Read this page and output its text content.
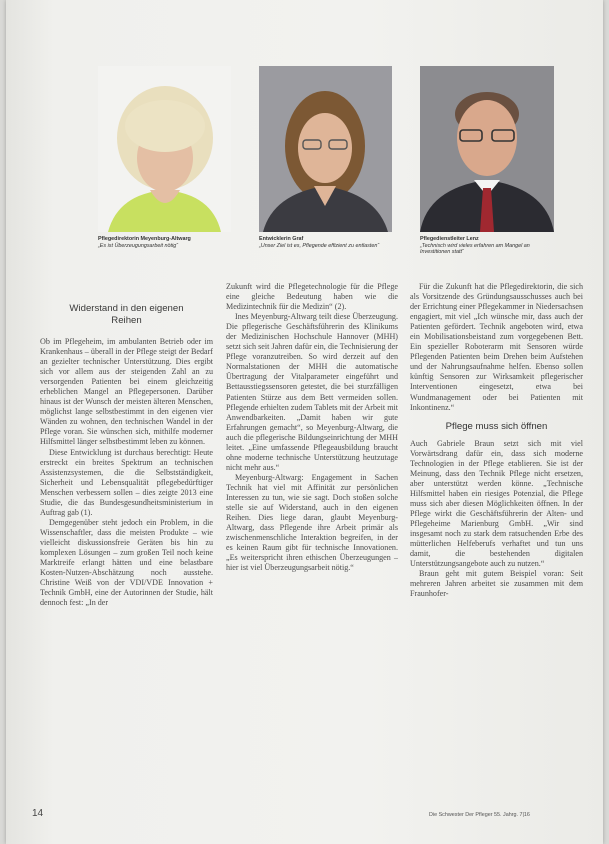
Pflegedirektorin Meyenburg-Altwarg
„Es ist Überzeugungsarbeit nötig“
Entwicklerin Graf
„Unser Ziel ist es, Pflegende effizient zu entlasten“
Pflegedienstleiter Lenz
„Technisch wird vieles erfahren am Mangel an Investitionen statt“
Widerstand in den eigenen Reihen

Ob im Pflegeheim, im ambulanten Betrieb oder im Krankenhaus – überall in der Pflege steigt der Bedarf an gezielter technischer Unterstützung. Dies ergibt sich vor allem aus der steigenden Zahl an zu versorgenden Patienten bei einem gleichzeitig erheblichen Mangel an Pflegepersonen. Darüber hinaus ist der Wunsch der meisten älteren Menschen, möglichst lange selbstbestimmt in den eigenen vier Wänden zu wohnen, den technischen Wandel in der Pflege voran. Sie wünschen sich, mithilfe moderner Hilfsmittel länger selbstbestimmt leben zu können.

Diese Entwicklung ist durchaus berechtigt: Heute erstreckt ein breites Spektrum an technischen Assistenzsystemen, die die Selbstständigkeit, Sicherheit und Lebensqualität pflegebedürftiger Menschen verbessern sollen – dies zeigte 2013 eine Studie, die das Bundesgesundheitsministerium in Auftrag gab (1).

Demgegenüber steht jedoch ein Problem, in die Wissenschaftler, dass die meisten Produkte – wie vielleicht diskussionsfreie Geräten bis hin zu komplexen Lösungen – zum großen Teil noch keine Marktreife erlangt hätten und eine belastbare Kosten-Nutzen-Abschätzung noch ausstehe. Christine Weiß von der VDI/VDE Innovation + Technik GmbH, eine der Autorinnen der Studie, hält dennoch fest: „In der

Zukunft wird die Pflegetechnologie für die Pflege eine gleiche Bedeutung haben wie die Medizintechnik für die Medizin“ (2).

Ines Meyenburg-Altwarg teilt diese Überzeugung. Die pflegerische Geschäftsführerin des Klinikums der Medizinischen Hochschule Hannover (MHH) setzt sich seit Jahren dafür ein, die Technisierung der Pflege voranzutreiben. So wird derzeit auf den Normalstationen der MHH die automatische Übertragung der Vitalparameter eingeführt und Bettausstiegssensoren getestet, die bei sturzfälligen Patienten Stürze aus dem Bett vermeiden sollen. Pflegende erhielten zudem Tablets mit der Arbeit mit Anwendbarkeiten. „Damit haben wir gute Erfahrungen gemacht“, so Meyenburg-Altwarg, die auch die pflegerische Bildungseinrichtung der MHH leitet. „Eine umfassende Pflegeausbildung braucht ohne moderne technische Unterstützung heutzutage nicht mehr aus.“

Meyenburg-Altwarg: Engagement in Sachen Technik hat viel mit Affinität zur persönlichen Interessen zu tun, wie sie sagt. Doch stoßen solche stelle sie auf Widerstand, auch in den eigenen Reihen. Dies liege daran, glaubt Meyenburg-Altwarg, dass Pflegende ihre Arbeit primär als zwischenmenschliche Interaktion begreifen, in der es keinen Raum gibt für technische Innovationen. „Es weiterspricht ihren ethischen Überzeugungen – hier ist viel Überzeugungsarbeit nötig.“

Für die Zukunft hat die Pflegedirektorin, die sich als Vorsitzende des Gründungsausschusses auch bei der Errichtung einer Pflegekammer in Niedersachsen engagiert, mit viel „Ich wünsche mir, dass auch der Patienten gefördert. Technik angeboten wird, etwa ein Mobilisationsbeistand zum vorgegebenen Bett. Ein spezieller Roboterarm mit Sensoren würde Pflegenden Patienten beim Drehen beim Aufstehen und der Nahrungsaufnahme helfen. Ebenso sollen künftig Sensoren zur Wirksamkeit pflegerischer Interventionen eingesetzt, etwa bei Wundmanagement oder bei Patienten mit Inkontinenz.“

Pflege muss sich öffnen

Auch Gabriele Braun setzt sich mit viel Vorwärtsdrang dafür ein, dass sich moderne Technologien in der Pflege etablieren. Sie ist der Meinung, dass den Technik Pflege nicht ersetzen, aber unterstützt werden könne. „Technische Hilfsmittel haben ein riesiges Potenzial, die Pflege muss sich aber diesen Möglichkeiten öffnen. In der Pflege wirkt die Geschäftsführerin der Alten- und Pflegeheime Marienburg GmbH. „Wir sind insgesamt noch zu stark dem ratsuchenden Erbe des mütterlichen Helfeberufs verhaftet und tun uns damit, die bestehenden digitalen Unterstützungsangebote auch zu nutzen.“

Braun geht mit gutem Beispiel voran: Seit mehreren Jahren arbeitet sie zusammen mit dem Fraunhofer-

14	Die Schwester Der Pfleger 55. Jahrg. 7|16
